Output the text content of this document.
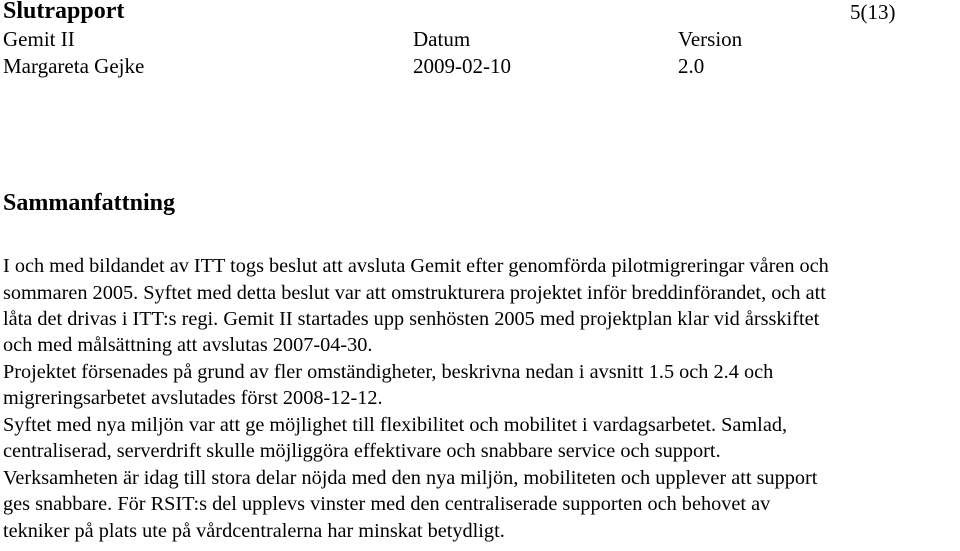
Slutrapport	5(13)
Gemit II	Datum	Version
Margareta Gejke	2009-02-10	2.0
Sammanfattning
I och med bildandet av ITT togs beslut att avsluta Gemit efter genomförda pilotmigreringar våren och
sommaren 2005. Syftet med detta beslut var att omstrukturera projektet inför breddinförandet, och att
låta det drivas i ITT:s regi. Gemit II startades upp senhösten 2005 med projektplan klar vid årsskiftet
och med målsättning att avslutas 2007-04-30.
Projektet försenades på grund av fler omständigheter, beskrivna nedan i avsnitt 1.5 och 2.4 och
migreringsarbetet avslutades först 2008-12-12.
Syftet med nya miljön var att ge möjlighet till flexibilitet och mobilitet i vardagsarbetet. Samlad,
centraliserad, serverdrift skulle möjliggöra effektivare och snabbare service och support.
Verksamheten är idag till stora delar nöjda med den nya miljön, mobiliteten och upplever att support
ges snabbare. För RSIT:s del upplevs vinster med den centraliserade supporten och behovet av
tekniker på plats ute på vårdcentralerna har minskat betydligt.
